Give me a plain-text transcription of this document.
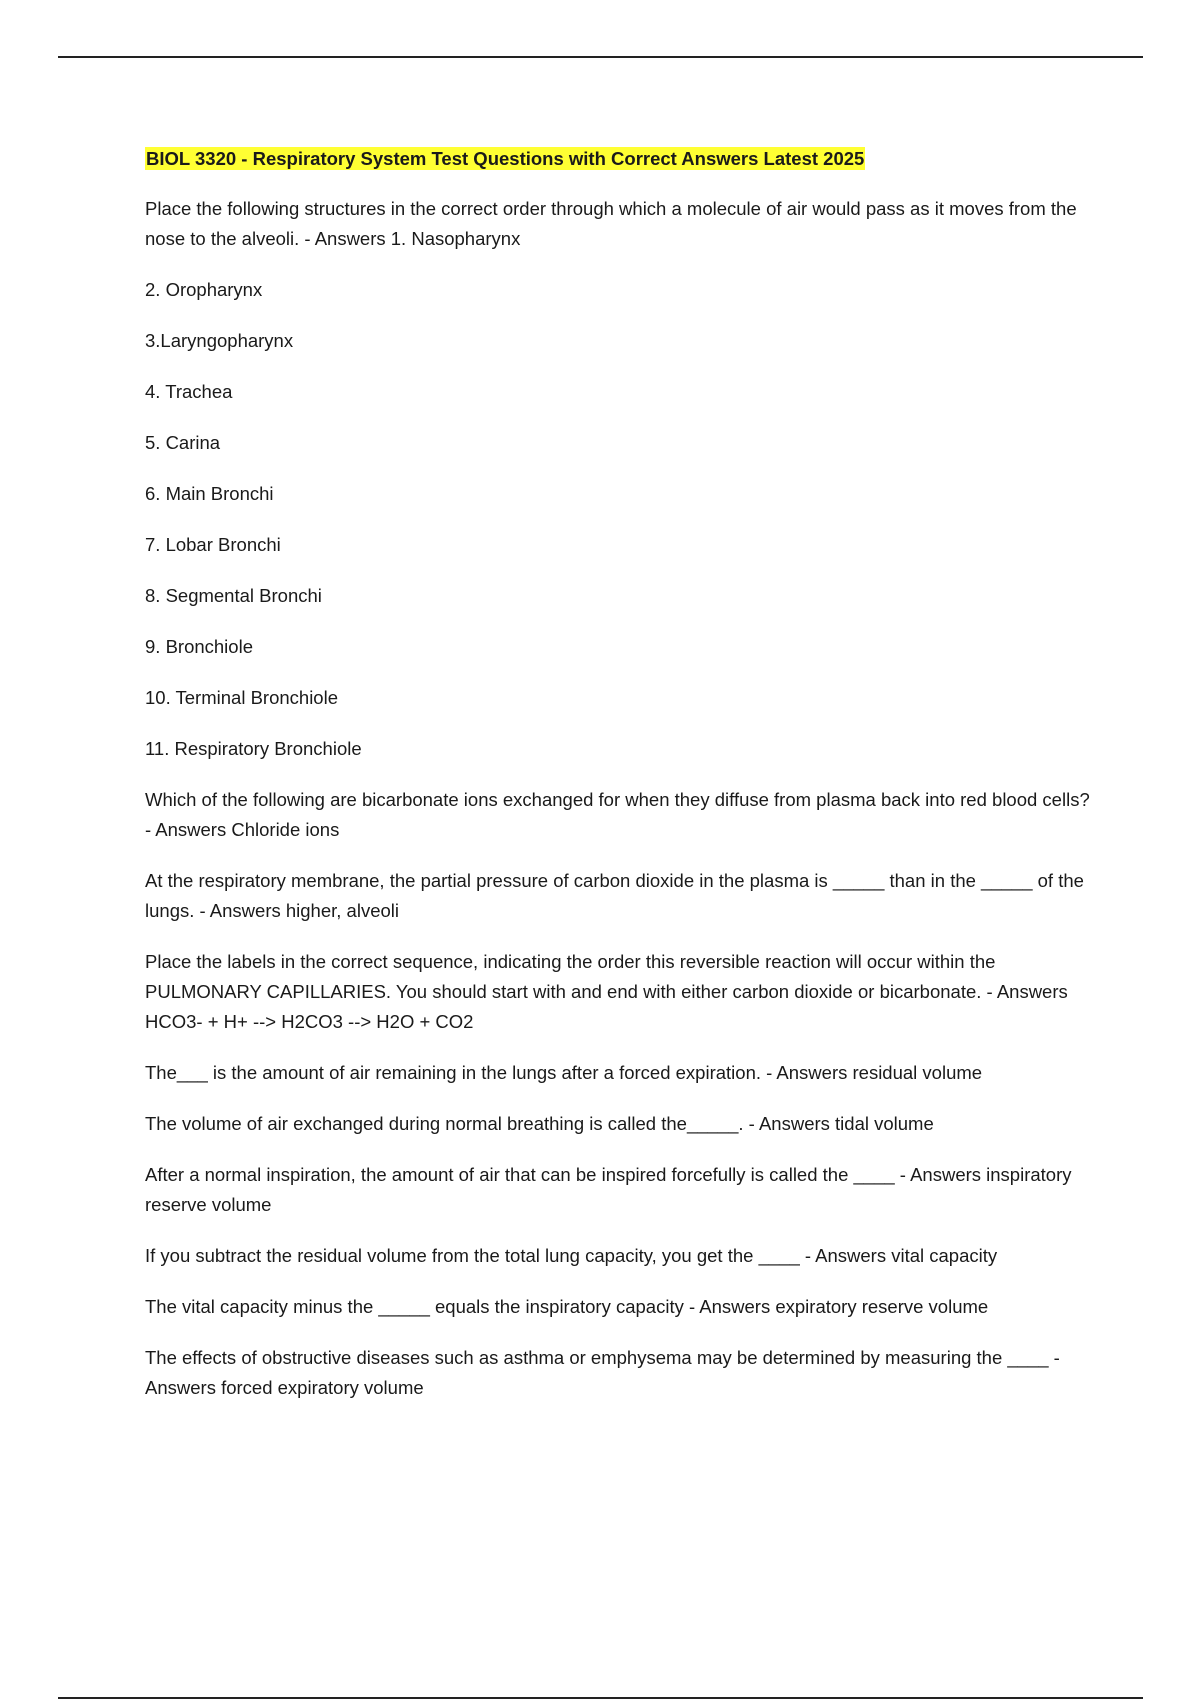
BIOL 3320 - Respiratory System Test Questions with Correct Answers Latest 2025
Place the following structures in the correct order through which a molecule of air would pass as it moves from the nose to the alveoli. - Answers 1. Nasopharynx
2. Oropharynx
3.Laryngopharynx
4. Trachea
5. Carina
6. Main Bronchi
7. Lobar Bronchi
8. Segmental Bronchi
9. Bronchiole
10. Terminal Bronchiole
11. Respiratory Bronchiole
Which of the following are bicarbonate ions exchanged for when they diffuse from plasma back into red blood cells? - Answers Chloride ions
At the respiratory membrane, the partial pressure of carbon dioxide in the plasma is _____ than in the _____ of the lungs. - Answers higher, alveoli
Place the labels in the correct sequence, indicating the order this reversible reaction will occur within the PULMONARY CAPILLARIES. You should start with and end with either carbon dioxide or bicarbonate. - Answers HCO3- + H+ --> H2CO3 --> H2O + CO2
The___ is the amount of air remaining in the lungs after a forced expiration. - Answers residual volume
The volume of air exchanged during normal breathing is called the_____. - Answers tidal volume
After a normal inspiration, the amount of air that can be inspired forcefully is called the ____ - Answers inspiratory reserve volume
If you subtract the residual volume from the total lung capacity, you get the ____ - Answers vital capacity
The vital capacity minus the _____ equals the inspiratory capacity - Answers expiratory reserve volume
The effects of obstructive diseases such as asthma or emphysema may be determined by measuring the ____ - Answers forced expiratory volume
